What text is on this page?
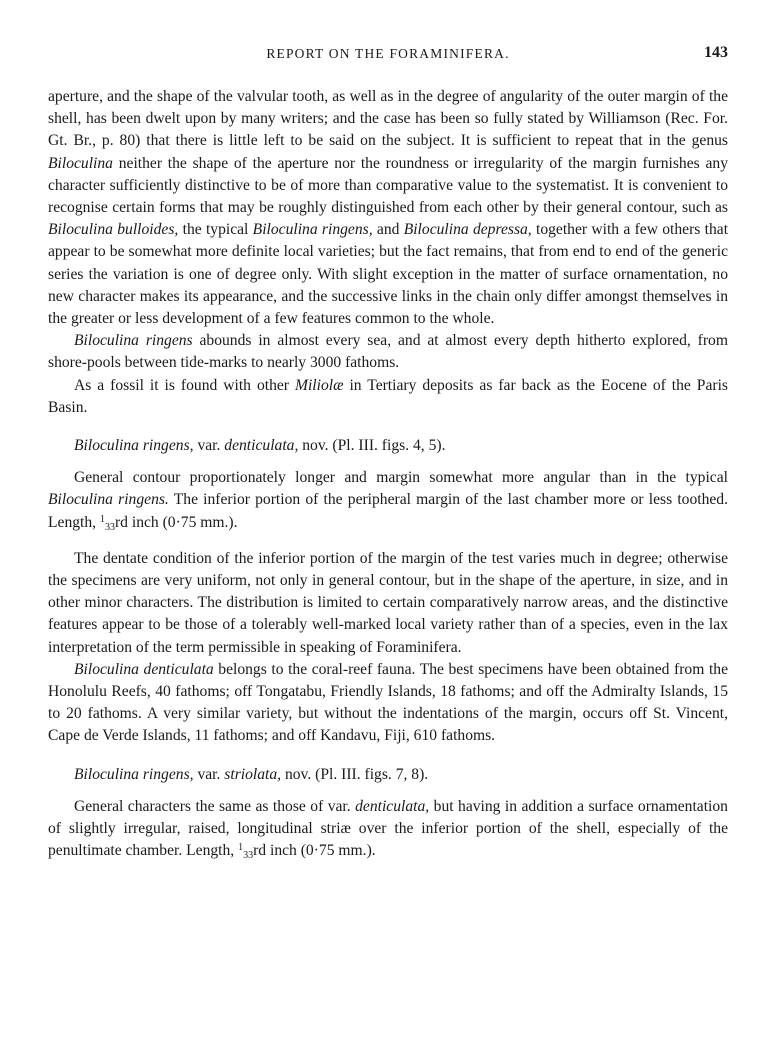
REPORT ON THE FORAMINIFERA.	143

aperture, and the shape of the valvular tooth, as well as in the degree of angularity of the outer margin of the shell, has been dwelt upon by many writers; and the case has been so fully stated by Williamson (Rec. For. Gt. Br., p. 80) that there is little left to be said on the subject. It is sufficient to repeat that in the genus Biloculina neither the shape of the aperture nor the roundness or irregularity of the margin furnishes any character sufficiently distinctive to be of more than comparative value to the systematist. It is convenient to recognise certain forms that may be roughly distinguished from each other by their general contour, such as Biloculina bulloides, the typical Biloculina ringens, and Biloculina depressa, together with a few others that appear to be somewhat more definite local varieties; but the fact remains, that from end to end of the generic series the variation is one of degree only. With slight exception in the matter of surface ornamentation, no new character makes its appearance, and the successive links in the chain only differ amongst themselves in the greater or less development of a few features common to the whole.

Biloculina ringens abounds in almost every sea, and at almost every depth hitherto explored, from shore-pools between tide-marks to nearly 3000 fathoms.

As a fossil it is found with other Miliolæ in Tertiary deposits as far back as the Eocene of the Paris Basin.

Biloculina ringens, var. denticulata, nov. (Pl. III. figs. 4, 5).

General contour proportionately longer and margin somewhat more angular than in the typical Biloculina ringens. The inferior portion of the peripheral margin of the last chamber more or less toothed. Length, 133rd inch (0·75 mm.).

The dentate condition of the inferior portion of the margin of the test varies much in degree; otherwise the specimens are very uniform, not only in general contour, but in the shape of the aperture, in size, and in other minor characters. The distribution is limited to certain comparatively narrow areas, and the distinctive features appear to be those of a tolerably well-marked local variety rather than of a species, even in the lax interpretation of the term permissible in speaking of Foraminifera.

Biloculina denticulata belongs to the coral-reef fauna. The best specimens have been obtained from the Honolulu Reefs, 40 fathoms; off Tongatabu, Friendly Islands, 18 fathoms; and off the Admiralty Islands, 15 to 20 fathoms. A very similar variety, but without the indentations of the margin, occurs off St. Vincent, Cape de Verde Islands, 11 fathoms; and off Kandavu, Fiji, 610 fathoms.

Biloculina ringens, var. striolata, nov. (Pl. III. figs. 7, 8).

General characters the same as those of var. denticulata, but having in addition a surface ornamentation of slightly irregular, raised, longitudinal striæ over the inferior portion of the shell, especially of the penultimate chamber. Length, 133rd inch (0·75 mm.).
